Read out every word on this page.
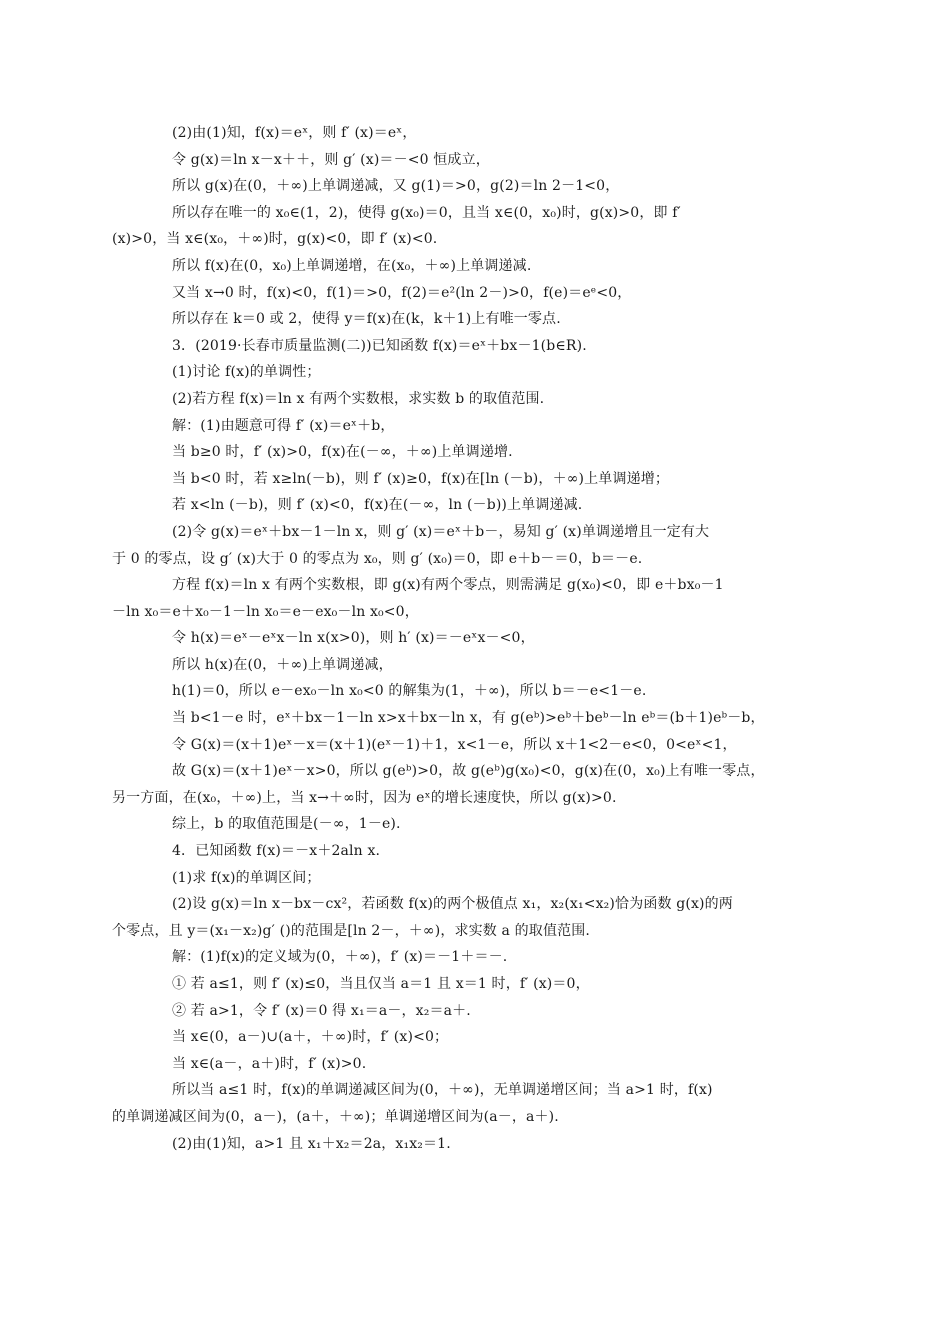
(2)由(1)知，f(x)＝eˣ，则 f′ (x)＝eˣ，
令 g(x)＝ln x－x＋＋，则 g′ (x)＝－<0 恒成立，
所以 g(x)在(0，＋∞)上单调递减，又 g(1)＝>0，g(2)＝ln 2－1<0，
所以存在唯一的 x₀∈(1，2)，使得 g(x₀)＝0，且当 x∈(0，x₀)时，g(x)>0，即 f′
(x)>0，当 x∈(x₀，＋∞)时，g(x)<0，即 f′ (x)<0.
所以 f(x)在(0，x₀)上单调递增，在(x₀，＋∞)上单调递减.
又当 x→0 时，f(x)<0，f(1)＝>0，f(2)＝e²(ln 2－)>0，f(e)＝eᵉ<0，
所以存在 k＝0 或 2，使得 y＝f(x)在(k，k＋1)上有唯一零点.
3．(2019·长春市质量监测(二))已知函数 f(x)＝eˣ＋bx－1(b∈R).
(1)讨论 f(x)的单调性；
(2)若方程 f(x)＝ln x 有两个实数根，求实数 b 的取值范围.
解：(1)由题意可得 f′ (x)＝eˣ＋b，
当 b≥0 时，f′ (x)>0，f(x)在(－∞，＋∞)上单调递增.
当 b<0 时，若 x≥ln(－b)，则 f′ (x)≥0，f(x)在[ln (－b)，＋∞)上单调递增；
若 x<ln (－b)，则 f′ (x)<0，f(x)在(－∞，ln (－b))上单调递减.
(2)令 g(x)＝eˣ＋bx－1－ln x，则 g′ (x)＝eˣ＋b－，易知 g′ (x)单调递增且一定有大
于 0 的零点，设 g′ (x)大于 0 的零点为 x₀，则 g′ (x₀)＝0，即 e＋b－＝0，b＝－e.
方程 f(x)＝ln x 有两个实数根，即 g(x)有两个零点，则需满足 g(x₀)<0，即 e＋bx₀－1
－ln x₀＝e＋x₀－1－ln x₀＝e－ex₀－ln x₀<0，
令 h(x)＝eˣ－eˣx－ln x(x>0)，则 h′ (x)＝－eˣx－<0，
所以 h(x)在(0，＋∞)上单调递减，
h(1)＝0，所以 e－ex₀－ln x₀<0 的解集为(1，＋∞)，所以 b＝－e<1－e.
当 b<1－e 时，eˣ＋bx－1－ln x>x＋bx－ln x，有 g(eᵇ)>eᵇ＋beᵇ－ln eᵇ＝(b＋1)eᵇ－b，
令 G(x)＝(x＋1)eˣ－x＝(x＋1)(eˣ－1)＋1，x<1－e，所以 x＋1<2－e<0，0<eˣ<1，
故 G(x)＝(x＋1)eˣ－x>0，所以 g(eᵇ)>0，故 g(eᵇ)g(x₀)<0，g(x)在(0，x₀)上有唯一零点，
另一方面，在(x₀，＋∞)上，当 x→＋∞时，因为 eˣ的增长速度快，所以 g(x)>0.
综上，b 的取值范围是(－∞，1－e).
4．已知函数 f(x)＝－x＋2aln x.
(1)求 f(x)的单调区间；
(2)设 g(x)＝ln x－bx－cx²，若函数 f(x)的两个极值点 x₁，x₂(x₁<x₂)恰为函数 g(x)的两
个零点，且 y＝(x₁－x₂)g′ ()的范围是[ln 2－，＋∞)，求实数 a 的取值范围.
解：(1)f(x)的定义域为(0，＋∞)，f′ (x)＝－1＋＝－.
① 若 a≤1，则 f′ (x)≤0，当且仅当 a＝1 且 x＝1 时，f′ (x)＝0，
② 若 a>1，令 f′ (x)＝0 得 x₁＝a－，x₂＝a＋.
当 x∈(0，a－)∪(a＋，＋∞)时，f′ (x)<0；
当 x∈(a－，a＋)时，f′ (x)>0.
所以当 a≤1 时，f(x)的单调递减区间为(0，＋∞)，无单调递增区间；当 a>1 时，f(x)
的单调递减区间为(0，a－)，(a＋，＋∞)；单调递增区间为(a－，a＋).
(2)由(1)知，a>1 且 x₁＋x₂＝2a，x₁x₂＝1.
